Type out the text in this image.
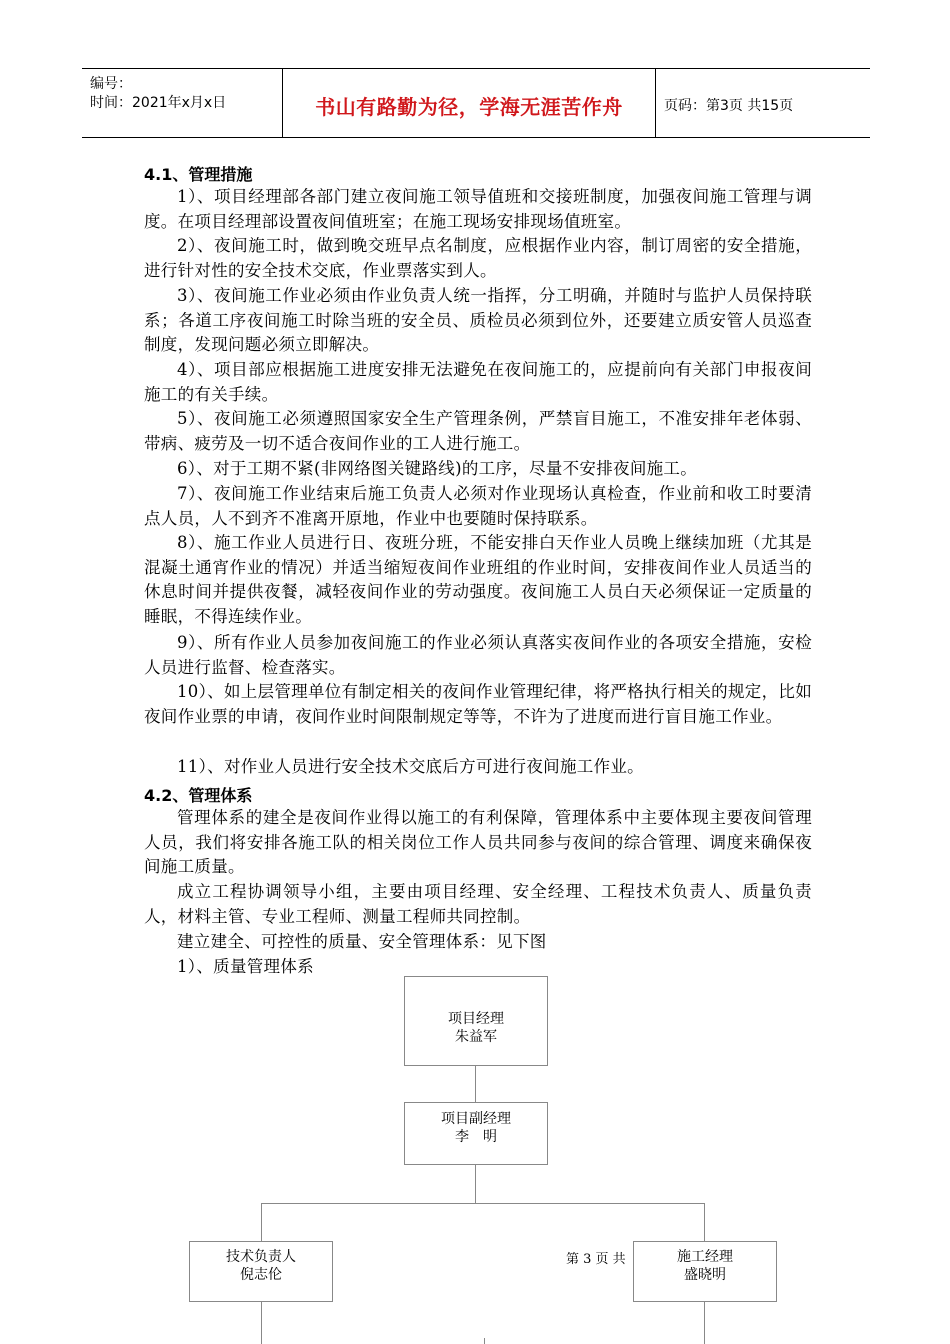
编号：
时间：2021年x月x日	书山有路勤为径，学海无涯苦作舟	页码：第3页 共15页
4.1、管理措施
1）、项目经理部各部门建立夜间施工领导值班和交接班制度，加强夜间施工管理与调度。在项目经理部设置夜间值班室；在施工现场安排现场值班室。
2）、夜间施工时，做到晚交班早点名制度，应根据作业内容，制订周密的安全措施，进行针对性的安全技术交底，作业票落实到人。
3）、夜间施工作业必须由作业负责人统一指挥，分工明确，并随时与监护人员保持联系；各道工序夜间施工时除当班的安全员、质检员必须到位外，还要建立质安管人员巡查制度，发现问题必须立即解决。
4）、项目部应根据施工进度安排无法避免在夜间施工的，应提前向有关部门申报夜间施工的有关手续。
5）、夜间施工必须遵照国家安全生产管理条例，严禁盲目施工，不准安排年老体弱、带病、疲劳及一切不适合夜间作业的工人进行施工。
6）、对于工期不紧(非网络图关键路线)的工序，尽量不安排夜间施工。
7）、夜间施工作业结束后施工负责人必须对作业现场认真检查，作业前和收工时要清点人员，人不到齐不准离开原地，作业中也要随时保持联系。
8）、施工作业人员进行日、夜班分班，不能安排白天作业人员晚上继续加班（尤其是混凝土通宵作业的情况）并适当缩短夜间作业班组的作业时间，安排夜间作业人员适当的休息时间并提供夜餐，减轻夜间作业的劳动强度。夜间施工人员白天必须保证一定质量的睡眠，不得连续作业。
9）、所有作业人员参加夜间施工的作业必须认真落实夜间作业的各项安全措施，安检人员进行监督、检查落实。
10）、如上层管理单位有制定相关的夜间作业管理纪律，将严格执行相关的规定，比如夜间作业票的申请，夜间作业时间限制规定等等，不许为了进度而进行盲目施工作业。
11）、对作业人员进行安全技术交底后方可进行夜间施工作业。
4.2、管理体系
管理体系的建全是夜间作业得以施工的有利保障，管理体系中主要体现主要夜间管理人员，我们将安排各施工队的相关岗位工作人员共同参与夜间的综合管理、调度来确保夜间施工质量。
成立工程协调领导小组，主要由项目经理、安全经理、工程技术负责人、质量负责人，材料主管、专业工程师、测量工程师共同控制。
建立建全、可控性的质量、安全管理体系：见下图
1）、质量管理体系
项目经理
朱益军
项目副经理
李　明
技术负责人
倪志伦
第 3 页 共	施工经理
盛晓明
